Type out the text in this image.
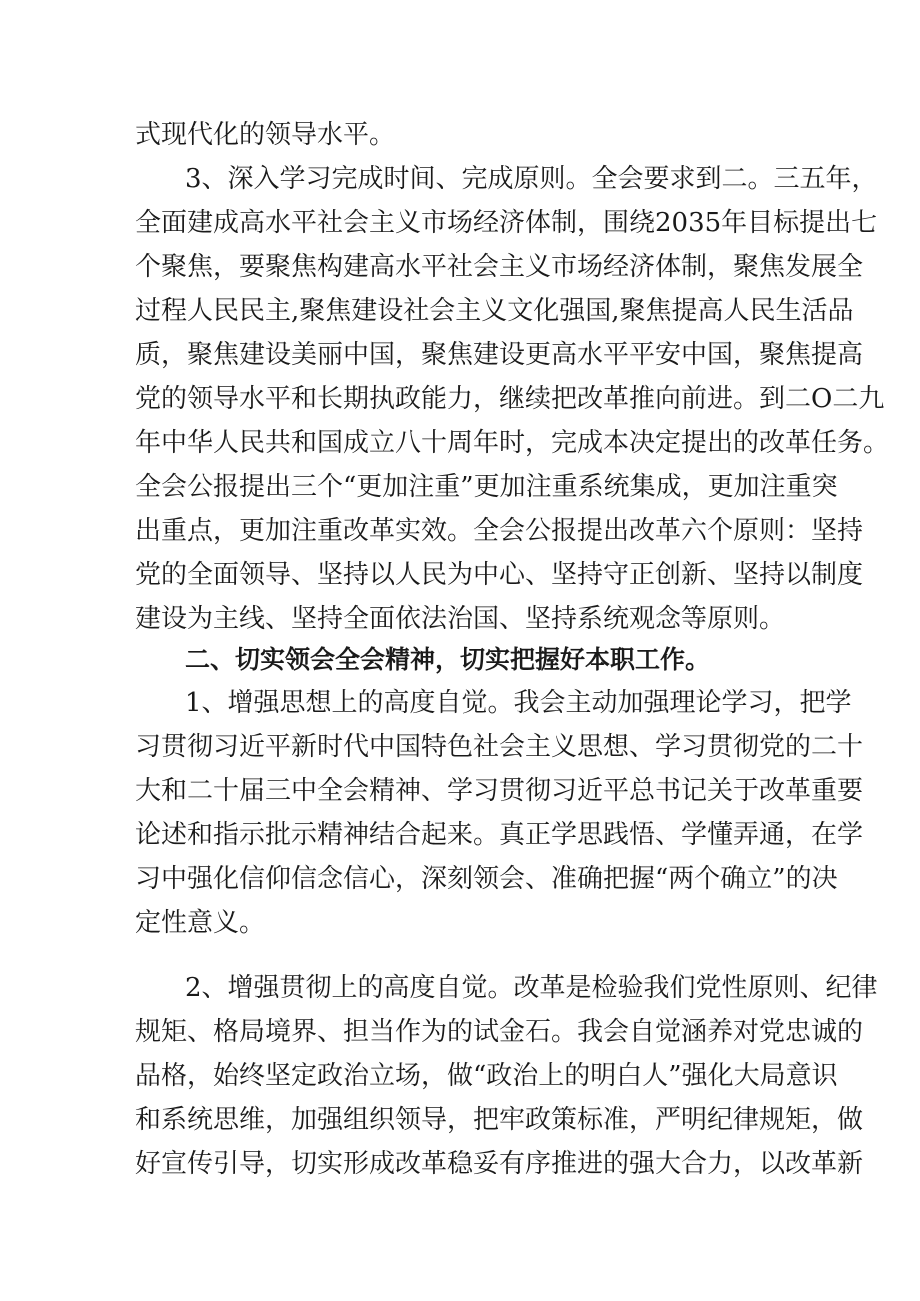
式现代化的领导水平。
3、深入学习完成时间、完成原则。全会要求到二。三五年，
全面建成高水平社会主义市场经济体制，围绕2035年目标提出七
个聚焦，要聚焦构建高水平社会主义市场经济体制，聚焦发展全
过程人民民主,聚焦建设社会主义文化强国,聚焦提高人民生活品
质，聚焦建设美丽中国，聚焦建设更高水平平安中国，聚焦提高
党的领导水平和长期执政能力，继续把改革推向前进。到二O二九
年中华人民共和国成立八十周年时，完成本决定提出的改革任务。
全会公报提出三个“更加注重”更加注重系统集成，更加注重突
出重点，更加注重改革实效。全会公报提出改革六个原则：坚持
党的全面领导、坚持以人民为中心、坚持守正创新、坚持以制度
建设为主线、坚持全面依法治国、坚持系统观念等原则。
二、切实领会全会精神，切实把握好本职工作。
1、增强思想上的高度自觉。我会主动加强理论学习，把学
习贯彻习近平新时代中国特色社会主义思想、学习贯彻党的二十
大和二十届三中全会精神、学习贯彻习近平总书记关于改革重要
论述和指示批示精神结合起来。真正学思践悟、学懂弄通，在学
习中强化信仰信念信心，深刻领会、准确把握“两个确立”的决
定性意义。
2、增强贯彻上的高度自觉。改革是检验我们党性原则、纪律
规矩、格局境界、担当作为的试金石。我会自觉涵养对党忠诚的
品格，始终坚定政治立场，做“政治上的明白人”强化大局意识
和系统思维，加强组织领导，把牢政策标准，严明纪律规矩，做
好宣传引导，切实形成改革稳妥有序推进的强大合力，以改革新
